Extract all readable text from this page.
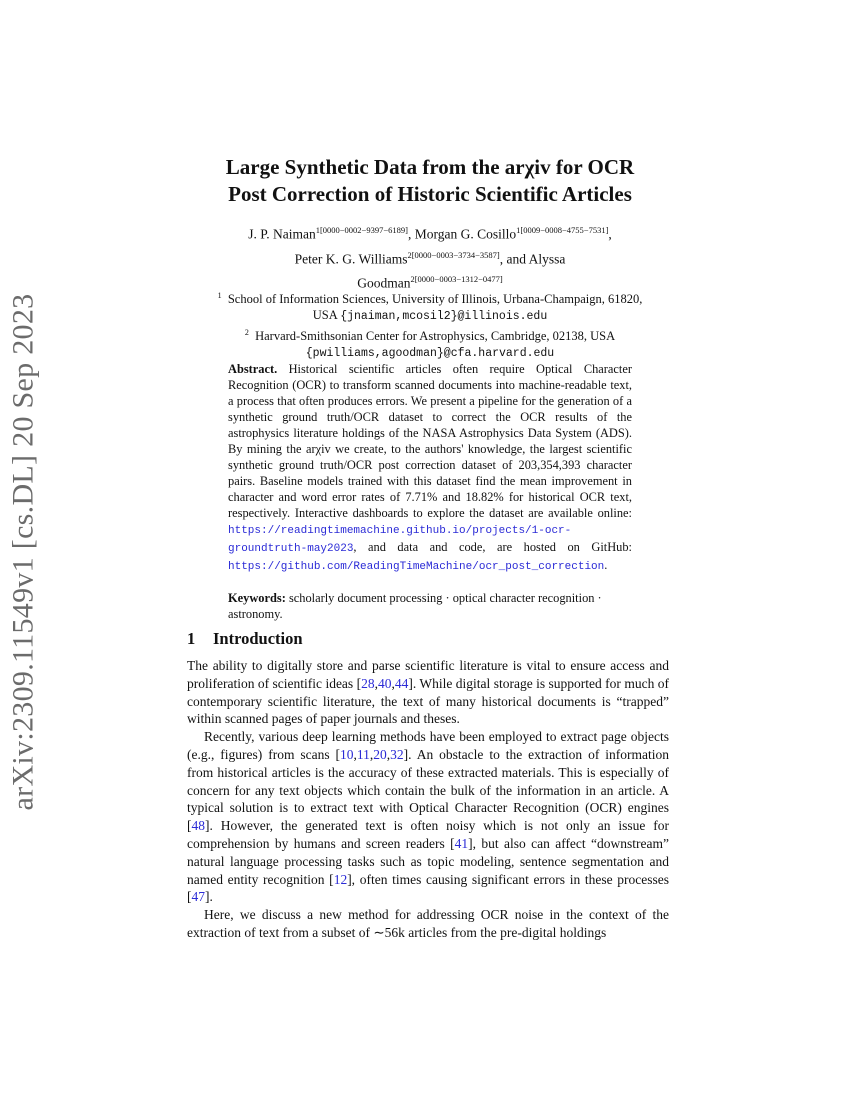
arXiv:2309.11549v1 [cs.DL] 20 Sep 2023
Large Synthetic Data from the arχiv for OCR
Post Correction of Historic Scientific Articles
J. P. Naiman$^{1[0000-0002-9397-6189]}$, Morgan G. Cosillo$^{1[0009-0008-4755-7531]}$,
Peter K. G. Williams$^{2[0000-0003-3734-3587]}$, and Alyssa
Goodman$^{2[0000-0003-1312-0477]}$
$^1$ School of Information Sciences, University of Illinois, Urbana-Champaign, 61820,
USA {jnaiman,mcosil2}@illinois.edu
$^2$ Harvard-Smithsonian Center for Astrophysics, Cambridge, 02138, USA
{pwilliams,agoodman}@cfa.harvard.edu
Abstract. Historical scientific articles often require Optical Character Recognition (OCR) to transform scanned documents into machine-readable text, a process that often produces errors. We present a pipeline for the generation of a synthetic ground truth/OCR dataset to correct the OCR results of the astrophysics literature holdings of the NASA Astrophysics Data System (ADS). By mining the arχiv we create, to the authors' knowledge, the largest scientific synthetic ground truth/OCR post correction dataset of 203,354,393 character pairs. Baseline models trained with this dataset find the mean improvement in character and word error rates of 7.71% and 18.82% for historical OCR text, respectively. Interactive dashboards to explore the dataset are available online: https://readingtimemachine.github.io/projects/1-ocr-groundtruth-may2023, and data and code, are hosted on GitHub: https://github.com/ReadingTimeMachine/ocr_post_correction.
Keywords: scholarly document processing · optical character recognition · astronomy.
1 Introduction

The ability to digitally store and parse scientific literature is vital to ensure access and proliferation of scientific ideas [28,40,44]. While digital storage is supported for much of contemporary scientific literature, the text of many historical documents is “trapped” within scanned pages of paper journals and theses.

Recently, various deep learning methods have been employed to extract page objects (e.g., figures) from scans [10,11,20,32]. An obstacle to the extraction of information from historical articles is the accuracy of these extracted materials. This is especially of concern for any text objects which contain the bulk of the information in an article. A typical solution is to extract text with Optical Character Recognition (OCR) engines [48]. However, the generated text is often noisy which is not only an issue for comprehension by humans and screen readers [41], but also can affect “downstream” natural language processing tasks such as topic modeling, sentence segmentation and named entity recognition [12], often times causing significant errors in these processes [47].

Here, we discuss a new method for addressing OCR noise in the context of the extraction of text from a subset of ∼56k articles from the pre-digital holdings
